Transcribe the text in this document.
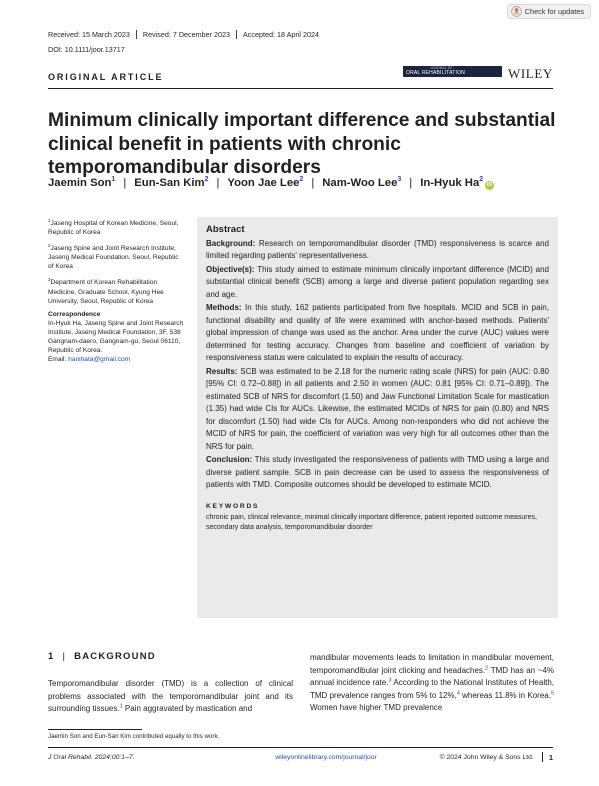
Check for updates
Received: 15 March 2023	Revised: 7 December 2023	Accepted: 18 April 2024
DOI: 10.1111/joor.13717
ORIGINAL ARTICLE
JOURNAL OF
ORAL REHABILITATION	WILEY
Minimum clinically important difference and substantial clinical benefit in patients with chronic temporomandibular disorders
Jaemin Son$^1$ | Eun-San Kim$^2$ | Yoon Jae Lee$^2$ | Nam-Woo Lee$^3$ | In-Hyuk Ha$^2$
iD
$^1$Jaseng Hospital of Korean Medicine, Seoul, Republic of Korea
$^2$Jaseng Spine and Joint Research Institute, Jaseng Medical Foundation, Seoul, Republic of Korea
$^3$Department of Korean Rehabilitation Medicine, Graduate School, Kyung Hee University, Seoul, Republic of Korea
Correspondence
In-Hyuk Ha, Jaseng Spine and Joint Research Institute, Jaseng Medical Foundation, 3F, 538 Gangnam-daero, Gangnam-gu, Seoul 06110, Republic of Korea.
Email: hanihata@gmail.com
Abstract

Background: Research on temporomandibular disorder (TMD) responsiveness is scarce and limited regarding patients' representativeness.

Objective(s): This study aimed to estimate minimum clinically important difference (MCID) and substantial clinical benefit (SCB) among a large and diverse patient population regarding sex and age.

Methods: In this study, 162 patients participated from five hospitals. MCID and SCB in pain, functional disability and quality of life were examined with anchor-based methods. Patients' global impression of change was used as the anchor. Area under the curve (AUC) values were determined for testing accuracy. Changes from baseline and coefficient of variation by responsiveness status were calculated to explain the results of accuracy.

Results: SCB was estimated to be 2.18 for the numeric rating scale (NRS) for pain (AUC: 0.80 [95% CI: 0.72–0.88]) in all patients and 2.50 in women (AUC: 0.81 [95% CI: 0.71–0.89]). The estimated SCB of NRS for discomfort (1.50) and Jaw Functional Limitation Scale for mastication (1.35) had wide CIs for AUCs. Likewise, the estimated MCIDs of NRS for pain (0.80) and NRS for discomfort (1.50) had wide CIs for AUCs. Among non-responders who did not achieve the MCID of NRS for pain, the coefficient of variation was very high for all outcomes other than the NRS for pain.

Conclusion: This study investigated the responsiveness of patients with TMD using a large and diverse patient sample. SCB in pain decrease can be used to assess the responsiveness of patients with TMD. Composite outcomes should be developed to estimate MCID.

KEYWORDS
chronic pain, clinical relevance, minimal clinically important difference, patient reported outcome measures, secondary data analysis, temporomandibular disorder
1 | BACKGROUND

Temporomandibular disorder (TMD) is a collection of clinical problems associated with the temporomandibular joint and its surrounding tissues.$^1$ Pain aggravated by mastication and

mandibular movements leads to limitation in mandibular movement, temporomandibular joint clicking and headaches.$^2$ TMD has an ~4% annual incidence rate.$^3$ According to the National Institutes of Health, TMD prevalence ranges from 5% to 12%,$^4$ whereas 11.8% in Korea.$^5$ Women have higher TMD prevalence

Jaemin Son and Eun-San Kim contributed equally to this work.
J Oral Rehabil. 2024;00:1–7.	wileyonlinelibrary.com/journal/joor	© 2024 John Wiley & Sons Ltd. 1
